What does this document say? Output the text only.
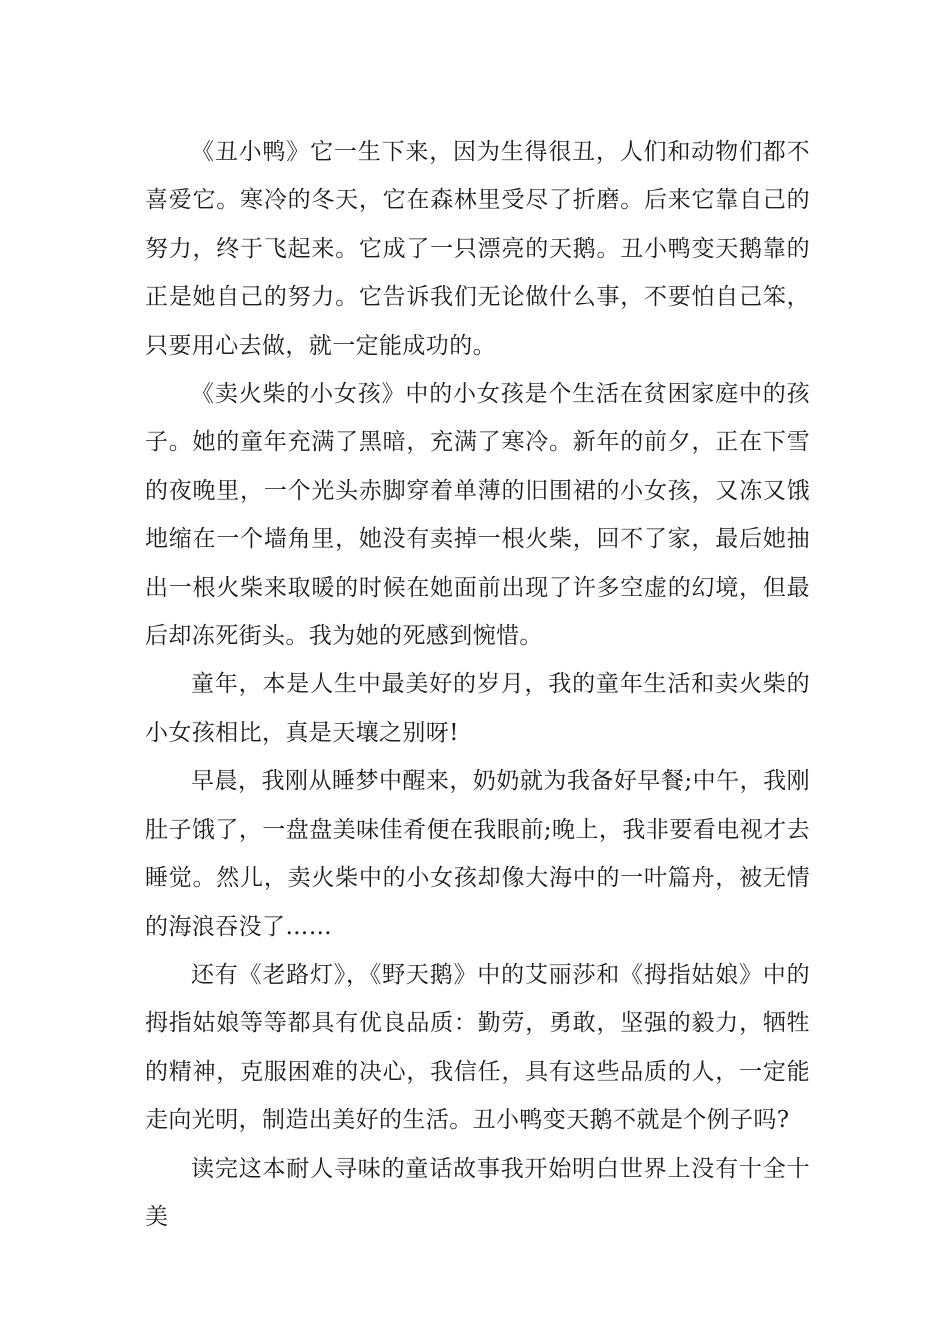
《丑小鸭》它一生下来，因为生得很丑，人们和动物们都不喜爱它。寒冷的冬天，它在森林里受尽了折磨。后来它靠自己的努力，终于飞起来。它成了一只漂亮的天鹅。丑小鸭变天鹅靠的正是她自己的努力。它告诉我们无论做什么事，不要怕自己笨，只要用心去做，就一定能成功的。

《卖火柴的小女孩》中的小女孩是个生活在贫困家庭中的孩子。她的童年充满了黑暗，充满了寒冷。新年的前夕，正在下雪的夜晚里，一个光头赤脚穿着单薄的旧围裙的小女孩，又冻又饿地缩在一个墙角里，她没有卖掉一根火柴，回不了家，最后她抽出一根火柴来取暖的时候在她面前出现了许多空虚的幻境，但最后却冻死街头。我为她的死感到惋惜。

童年，本是人生中最美好的岁月，我的童年生活和卖火柴的小女孩相比，真是天壤之别呀!

早晨，我刚从睡梦中醒来，奶奶就为我备好早餐;中午，我刚肚子饿了，一盘盘美味佳肴便在我眼前;晚上，我非要看电视才去睡觉。然儿，卖火柴中的小女孩却像大海中的一叶篇舟，被无情的海浪吞没了……

还有《老路灯》，《野天鹅》中的艾丽莎和《拇指姑娘》中的拇指姑娘等等都具有优良品质：勤劳，勇敢，坚强的毅力，牺牲的精神，克服困难的决心，我信任，具有这些品质的人，一定能走向光明，制造出美好的生活。丑小鸭变天鹅不就是个例子吗?

读完这本耐人寻味的童话故事我开始明白世界上没有十全十美
